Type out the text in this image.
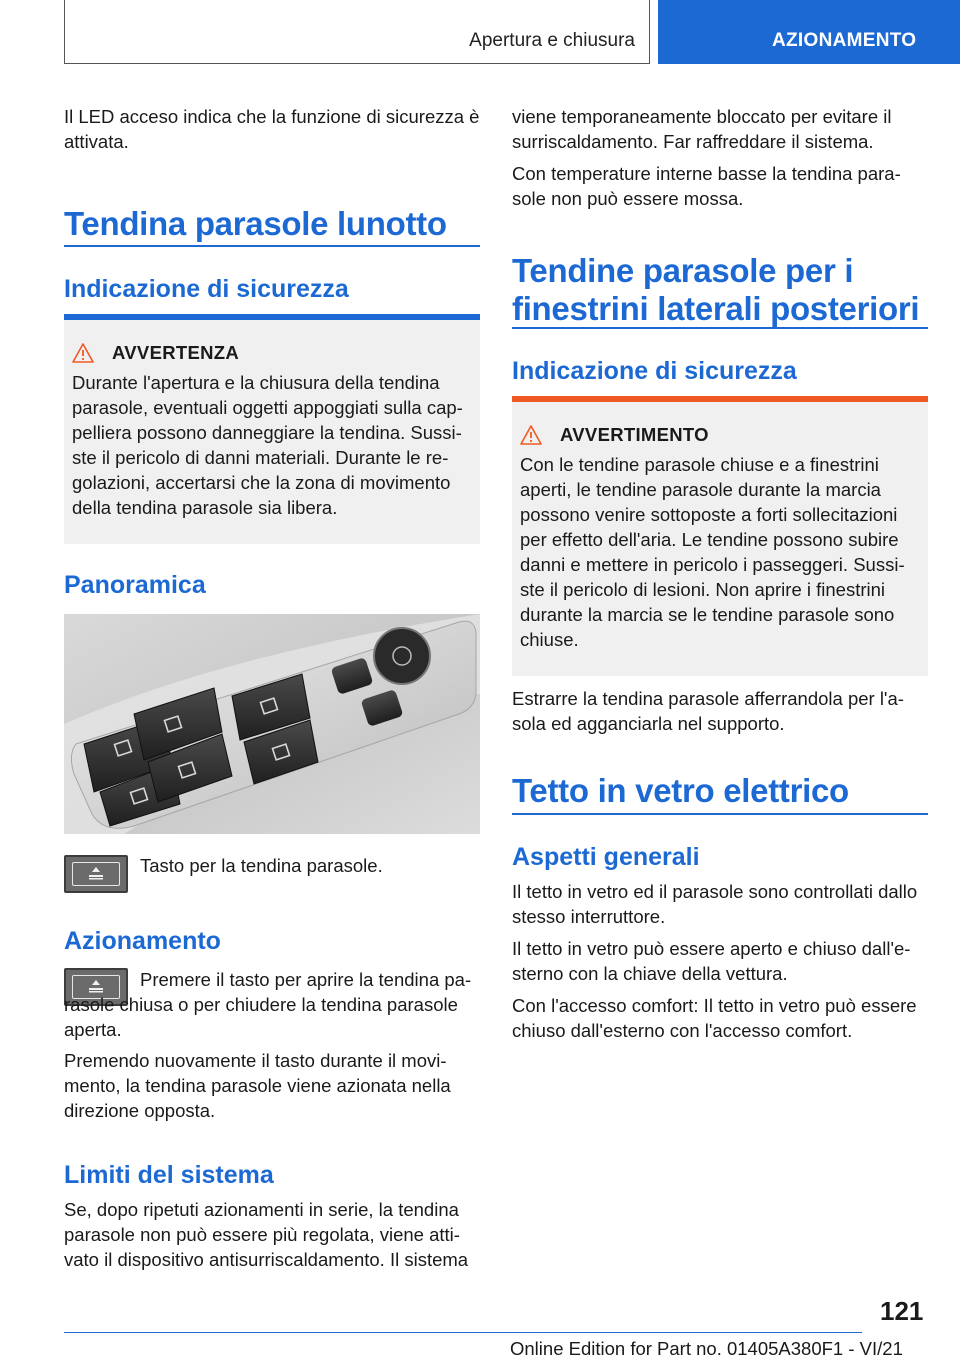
Apertura e chiusura	AZIONAMENTO

Il LED acceso indica che la funzione di sicurezza è attivata.

Tendina parasole lunotto
Indicazione di sicurezza
AVVERTENZA

Durante l'apertura e la chiusura della tendina parasole, eventuali oggetti appoggiati sulla cappelliera possono danneggiare la tendina. Sussiste il pericolo di danni materiali. Durante le regolazioni, accertarsi che la zona di movimento della tendina parasole sia libera.

Panoramica

Tasto per la tendina parasole.

Azionamento

Premere il tasto per aprire la tendina parasole chiusa o per chiudere la tendina parasole aperta.

Premendo nuovamente il tasto durante il movimento, la tendina parasole viene azionata nella direzione opposta.

Limiti del sistema

Se, dopo ripetuti azionamenti in serie, la tendina parasole non può essere più regolata, viene attivato il dispositivo antisurriscaldamento. Il sistema

viene temporaneamente bloccato per evitare il surriscaldamento. Far raffreddare il sistema.

Con temperature interne basse la tendina parasole non può essere mossa.

Tendine parasole per i finestrini laterali posteriori
Indicazione di sicurezza
AVVERTIMENTO

Con le tendine parasole chiuse e a finestrini aperti, le tendine parasole durante la marcia possono venire sottoposte a forti sollecitazioni per effetto dell'aria. Le tendine possono subire danni e mettere in pericolo i passeggeri. Sussiste il pericolo di lesioni. Non aprire i finestrini durante la marcia se le tendine parasole sono chiuse.

Estrarre la tendina parasole afferrandola per l'asola ed agganciarla nel supporto.

Tetto in vetro elettrico
Aspetti generali

Il tetto in vetro ed il parasole sono controllati dallo stesso interruttore.

Il tetto in vetro può essere aperto e chiuso dall'esterno con la chiave della vettura.

Con l'accesso comfort: Il tetto in vetro può essere chiuso dall'esterno con l'accesso comfort.

121
Online Edition for Part no. 01405A380F1 - VI/21
